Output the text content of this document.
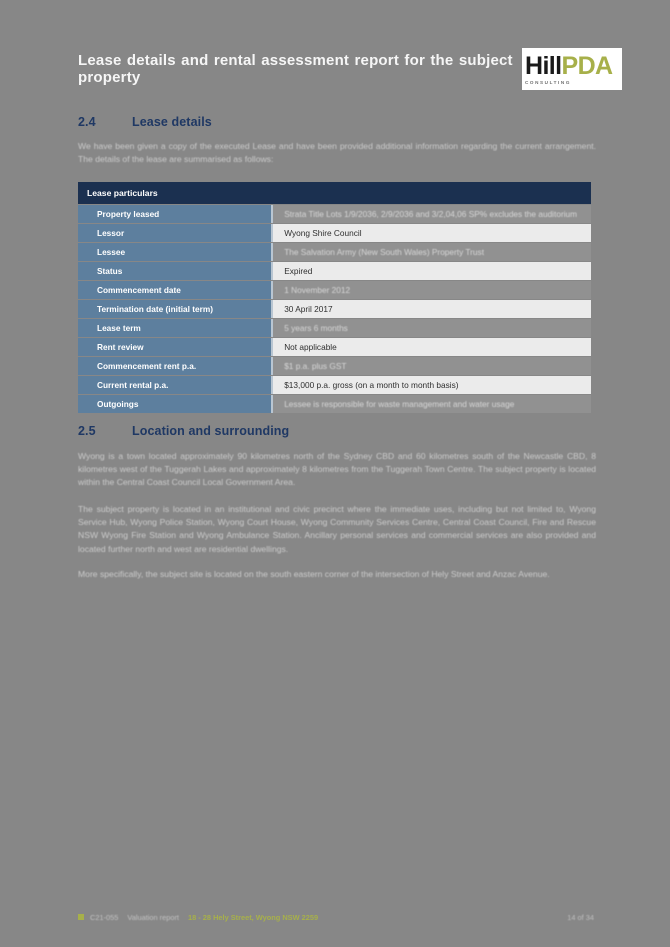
Lease details and rental assessment report for the subject property	HillPDA
CONSULTING
2.4	Lease details
We have been given a copy of the executed Lease and have been provided additional information regarding the current arrangement. The details of the lease are summarised as follows:
Lease particulars	
Property leased	Strata Title Lots 1/9/2036, 2/9/2036 and 3/2,04,06 SP% excludes the auditorium
Lessor	Wyong Shire Council
Lessee	The Salvation Army (New South Wales) Property Trust
Status	Expired
Commencement date	1 November 2012
Termination date (initial term)	30 April 2017
Lease term	5 years 6 months
Rent review	Not applicable
Commencement rent p.a.	$1 p.a. plus GST
Current rental p.a.	$13,000 p.a. gross (on a month to month basis)
Outgoings	Lessee is responsible for waste management and water usage
2.5	Location and surrounding
Wyong is a town located approximately 90 kilometres north of the Sydney CBD and 60 kilometres south of the Newcastle CBD, 8 kilometres west of the Tuggerah Lakes and approximately 8 kilometres from the Tuggerah Town Centre. The subject property is located within the Central Coast Council Local Government Area.
The subject property is located in an institutional and civic precinct where the immediate uses, including but not limited to, Wyong Service Hub, Wyong Police Station, Wyong Court House, Wyong Community Services Centre, Central Coast Council, Fire and Rescue NSW Wyong Fire Station and Wyong Ambulance Station. Ancillary personal services and commercial services are also provided and located further north and west are residential dwellings.
More specifically, the subject site is located on the south eastern corner of the intersection of Hely Street and Anzac Avenue.
C21-055 Valuation report 18 - 28 Hely Street, Wyong NSW 2259	14 of 34
